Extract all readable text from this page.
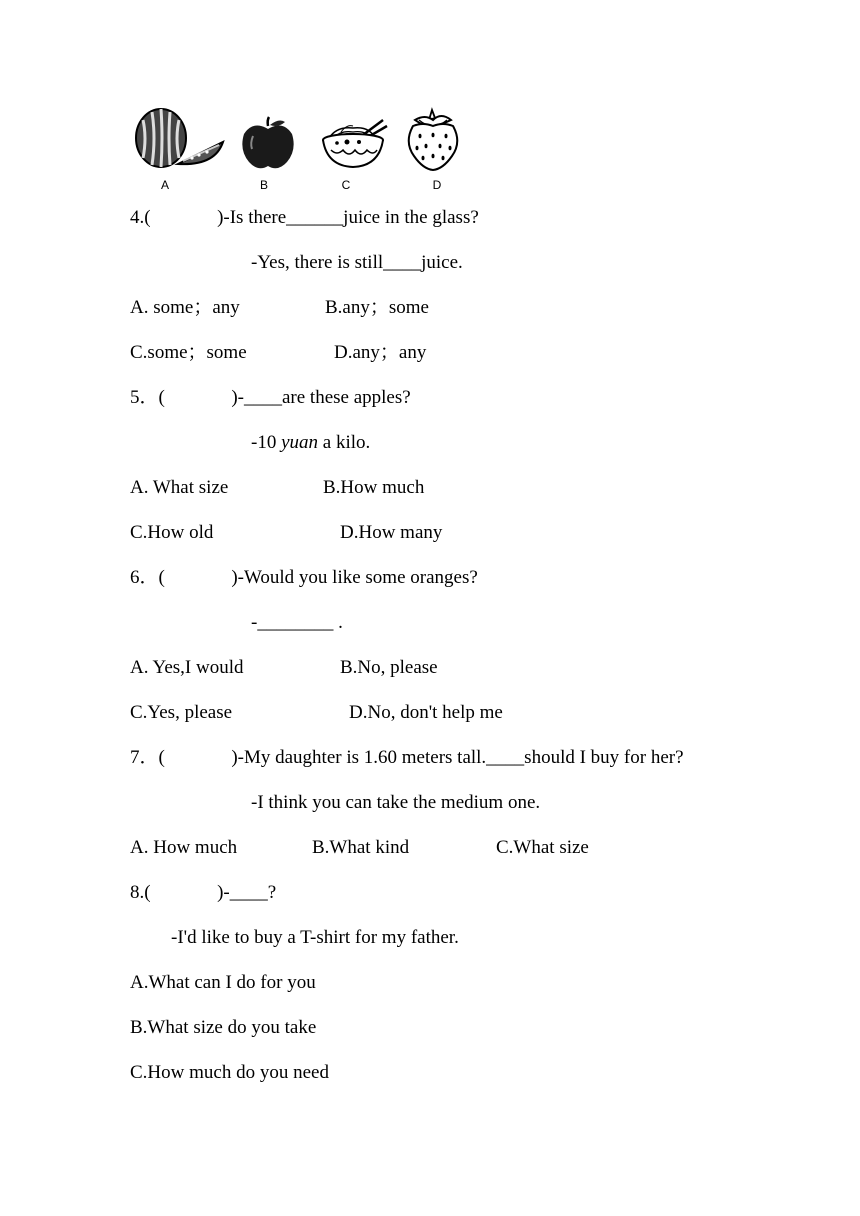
A	B	C	D
4.(              )-Is there______juice in the glass?
-Yes, there is still____juice.
A. some；any	B.any；some
C.some；some	D.any；any
5．(              )-____are these apples?
-10 yuan a kilo.
A. What size	B.How much
C.How old	D.How many
6．(              )-Would you like some oranges?
-________ .
A. Yes,I would	B.No, please
C.Yes, please	D.No, don't help me
7．(              )-My daughter is 1.60 meters tall.____should I buy for her?
-I think you can take the medium one.
A. How much	B.What kind	C.What size
8.(              )-____?
-I'd like to buy a T-shirt for my father.
A.What can I do for you
B.What size do you take
C.How much do you need
